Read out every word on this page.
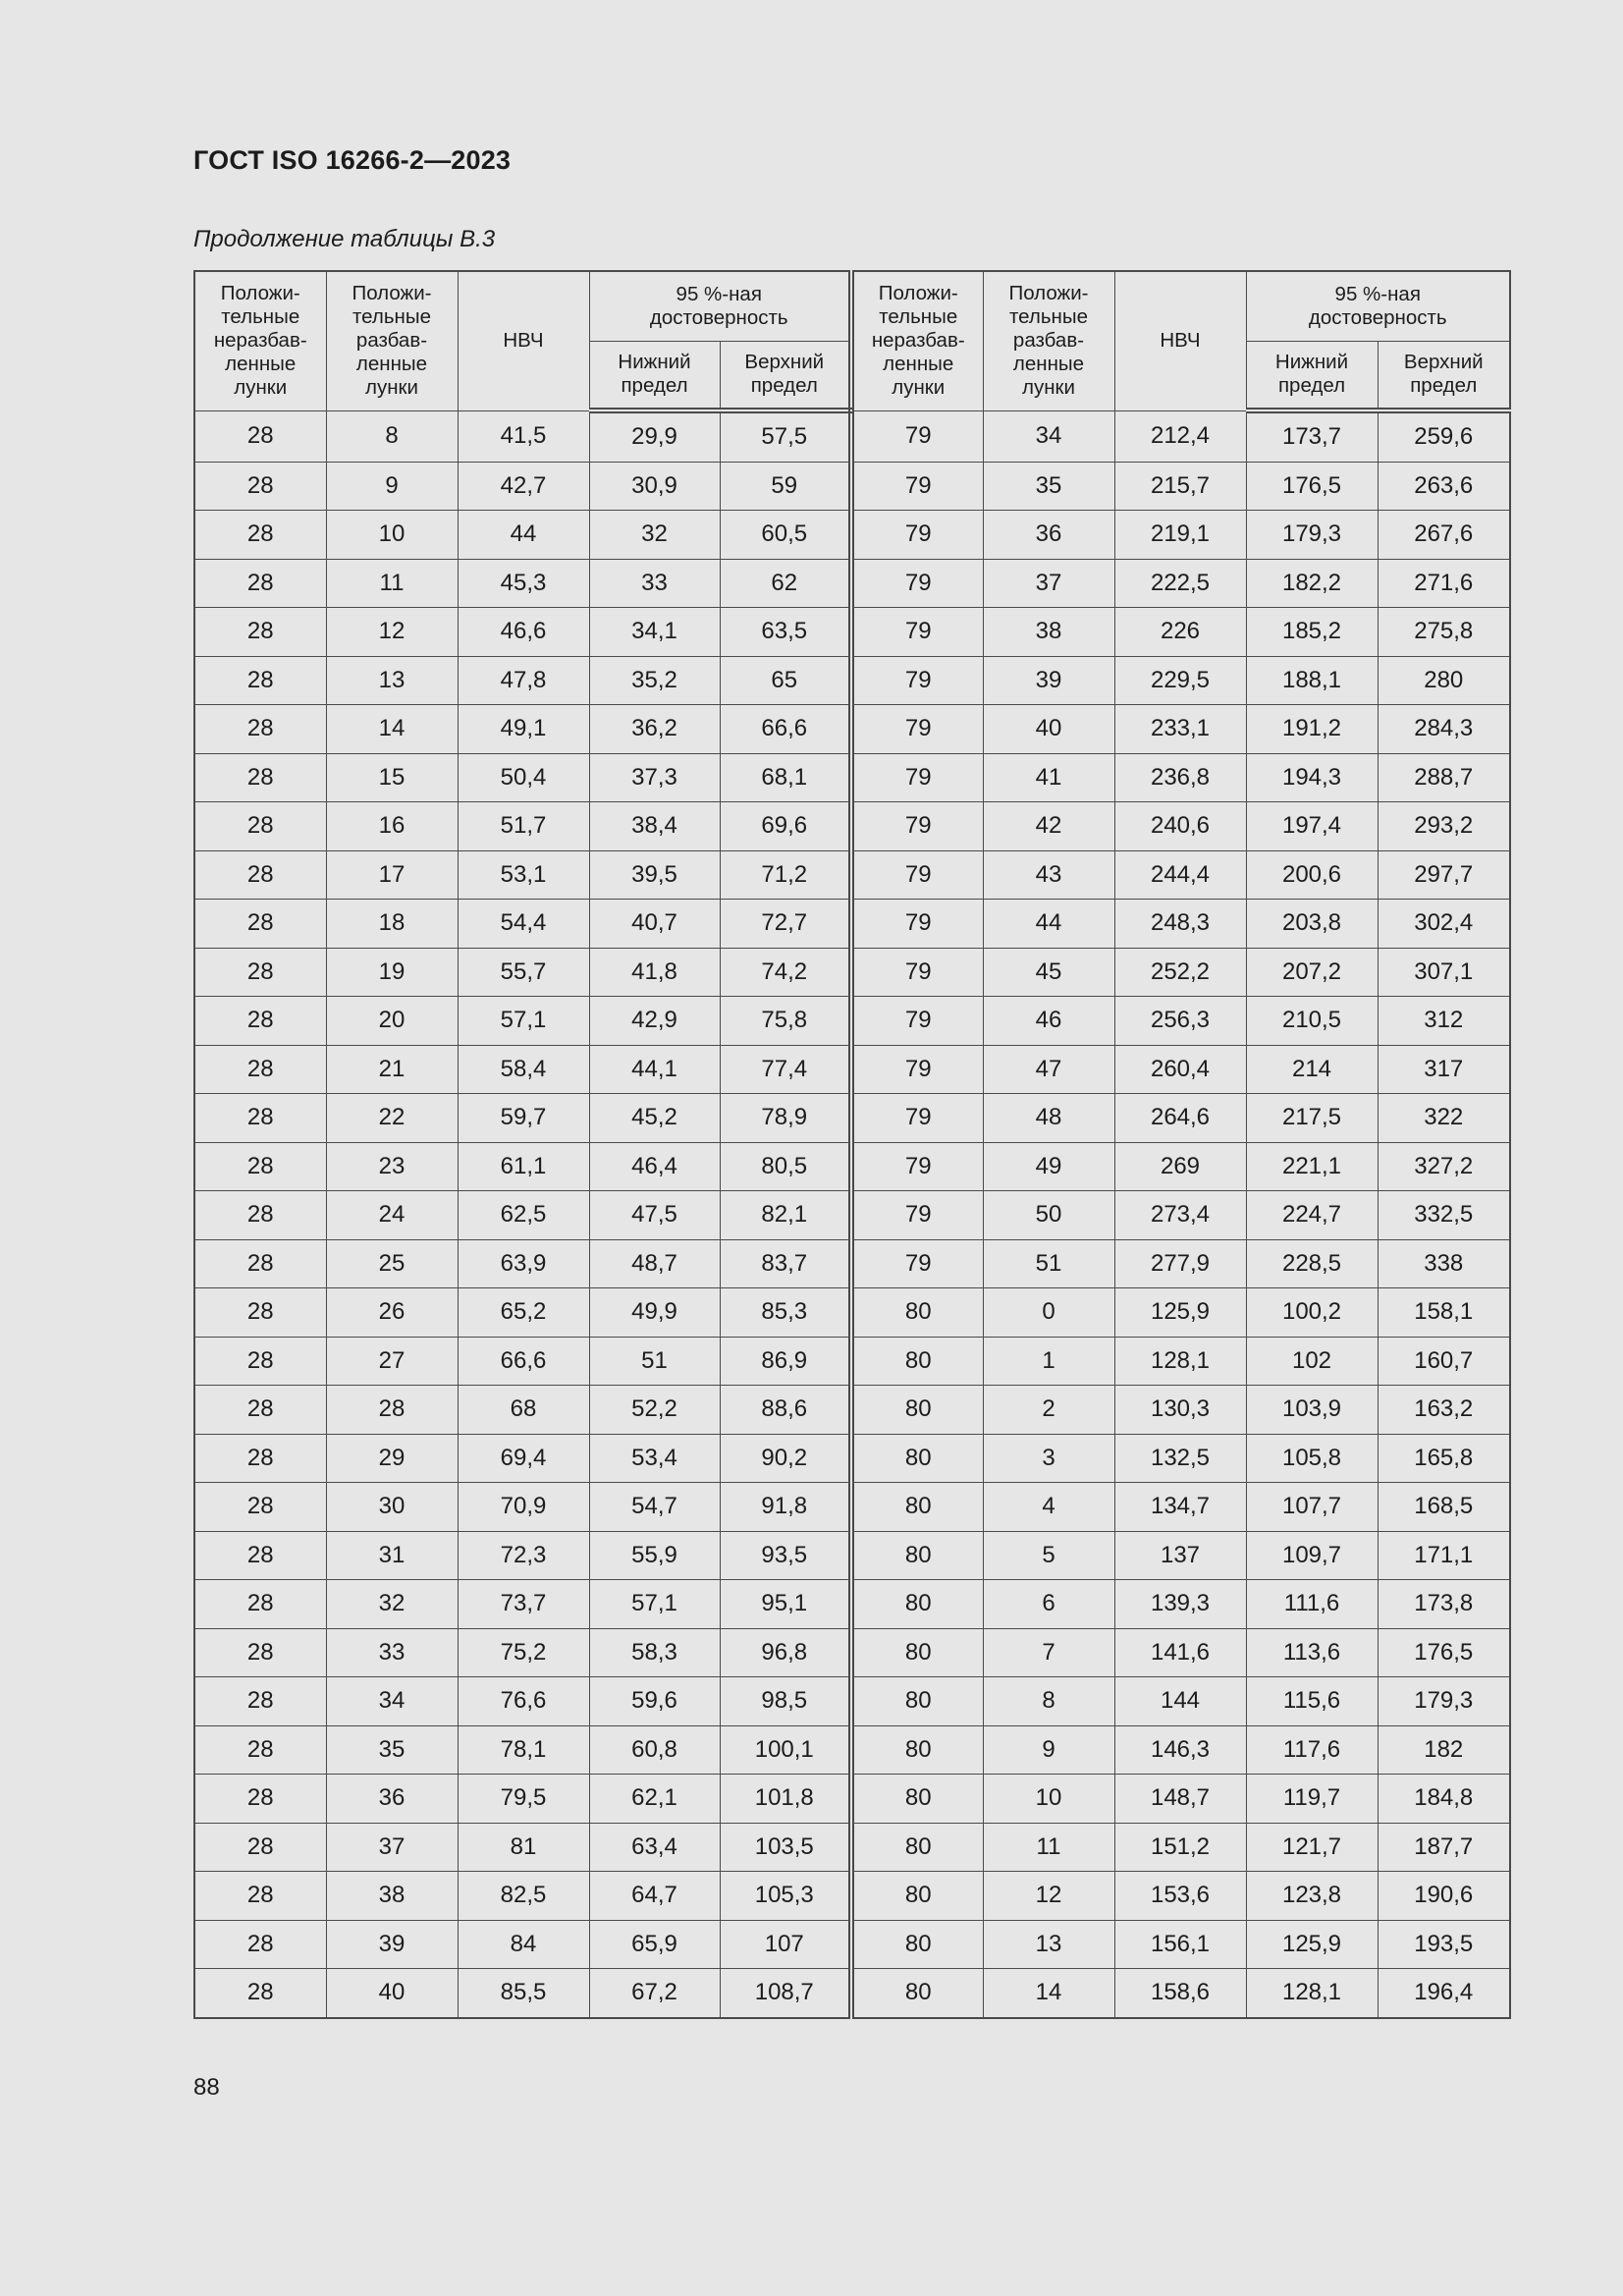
ГОСТ ISO 16266-2—2023
Продолжение таблицы В.3
Положи-
тельные
неразбав-
ленные
лунки	Положи-
тельные
разбав-
ленные
лунки	НВЧ	95 %-ная
достоверность		Положи-
тельные
неразбав-
ленные
лунки	Положи-
тельные
разбав-
ленные
лунки	НВЧ	95 %-ная
достоверность	
			Нижний
предел	Верхний
предел				Нижний
предел	Верхний
предел
28	8	41,5	29,9	57,5	79	34	212,4	173,7	259,6
28	9	42,7	30,9	59	79	35	215,7	176,5	263,6
28	10	44	32	60,5	79	36	219,1	179,3	267,6
28	11	45,3	33	62	79	37	222,5	182,2	271,6
28	12	46,6	34,1	63,5	79	38	226	185,2	275,8
28	13	47,8	35,2	65	79	39	229,5	188,1	280
28	14	49,1	36,2	66,6	79	40	233,1	191,2	284,3
28	15	50,4	37,3	68,1	79	41	236,8	194,3	288,7
28	16	51,7	38,4	69,6	79	42	240,6	197,4	293,2
28	17	53,1	39,5	71,2	79	43	244,4	200,6	297,7
28	18	54,4	40,7	72,7	79	44	248,3	203,8	302,4
28	19	55,7	41,8	74,2	79	45	252,2	207,2	307,1
28	20	57,1	42,9	75,8	79	46	256,3	210,5	312
28	21	58,4	44,1	77,4	79	47	260,4	214	317
28	22	59,7	45,2	78,9	79	48	264,6	217,5	322
28	23	61,1	46,4	80,5	79	49	269	221,1	327,2
28	24	62,5	47,5	82,1	79	50	273,4	224,7	332,5
28	25	63,9	48,7	83,7	79	51	277,9	228,5	338
28	26	65,2	49,9	85,3	80	0	125,9	100,2	158,1
28	27	66,6	51	86,9	80	1	128,1	102	160,7
28	28	68	52,2	88,6	80	2	130,3	103,9	163,2
28	29	69,4	53,4	90,2	80	3	132,5	105,8	165,8
28	30	70,9	54,7	91,8	80	4	134,7	107,7	168,5
28	31	72,3	55,9	93,5	80	5	137	109,7	171,1
28	32	73,7	57,1	95,1	80	6	139,3	111,6	173,8
28	33	75,2	58,3	96,8	80	7	141,6	113,6	176,5
28	34	76,6	59,6	98,5	80	8	144	115,6	179,3
28	35	78,1	60,8	100,1	80	9	146,3	117,6	182
28	36	79,5	62,1	101,8	80	10	148,7	119,7	184,8
28	37	81	63,4	103,5	80	11	151,2	121,7	187,7
28	38	82,5	64,7	105,3	80	12	153,6	123,8	190,6
28	39	84	65,9	107	80	13	156,1	125,9	193,5
28	40	85,5	67,2	108,7	80	14	158,6	128,1	196,4
88
